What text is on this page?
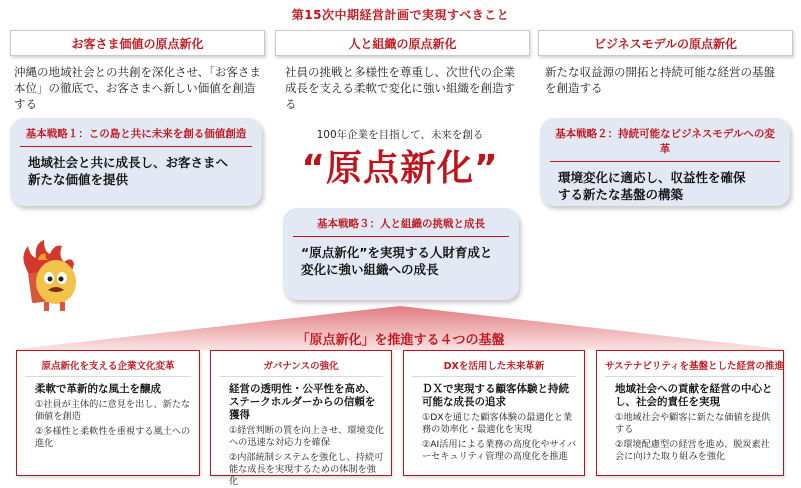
第15次中期経営計画で実現すべきこと
お客さま価値の原点新化	人と組織の原点新化	ビジネスモデルの原点新化
沖縄の地域社会との共創を深化させ、「お客さま本位」の徹底で、お客さまへ新しい価値を創造する
社員の挑戦と多様性を尊重し、次世代の企業成長を支える柔軟で変化に強い組織を創造する
新たな収益源の開拓と持続可能な経営の基盤を創造する
基本戦略１：この島と共に未来を創る価値創造
地域社会と共に成長し、お客さまへ
新たな価値を提供
基本戦略２：持続可能なビジネスモデルへの変革
環境変化に適応し、収益性を確保
する新たな基盤の構築
100年企業を目指して、未来を創る
“原点新化”
基本戦略３：人と組織の挑戦と成長
“原点新化”を実現する人財育成と
変化に強い組織への成長
「原点新化」を推進する４つの基盤
原点新化を支える企業文化変革
柔軟で革新的な風土を醸成
①社員が主体的に意見を出し、新たな価値を創造
②多様性と柔軟性を重視する風土への進化
ガバナンスの強化
経営の透明性・公平性を高め、ステークホルダーからの信頼を獲得
①経営判断の質を向上させ、環境変化への迅速な対応力を確保
②内部統制システムを強化し、持続可能な成長を実現するための体制を強化
DXを活用した未来革新
ＤＸで実現する顧客体験と持続可能な成長の追求
①DXを通じた顧客体験の最適化と業務の効率化・最適化を実現
②AI活用による業務の高度化やサイバーセキュリティ管理の高度化を推進
サステナビリティを基盤とした経営の推進
地域社会への貢献を経営の中心とし、社会的責任を実現
①地域社会や顧客に新たな価値を提供する
②環境配慮型の経営を進め、脱炭素社会に向けた取り組みを強化
